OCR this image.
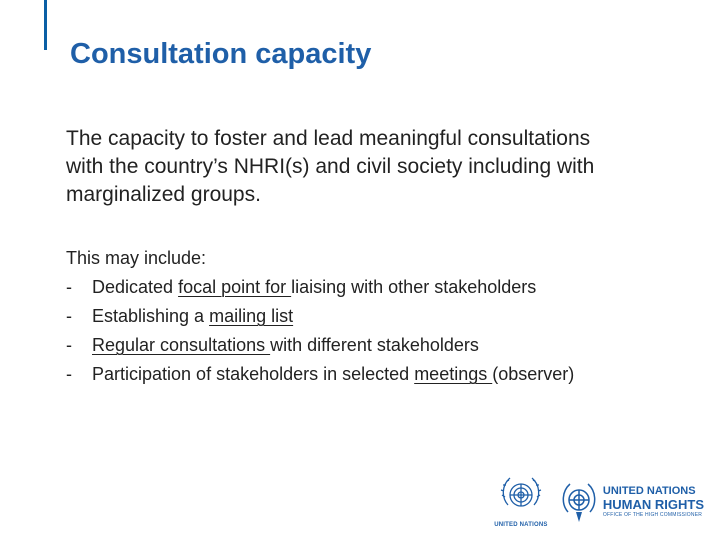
Consultation capacity
The capacity to foster and lead meaningful consultations with the country’s NHRI(s) and civil society including with marginalized groups.

This may include:

- Dedicated focal point for liaising with other stakeholders
- Establishing a mailing list
- Regular consultations with different stakeholders
- Participation of stakeholders in selected meetings (observer)
UNITED NATIONS
UNITED NATIONS
HUMAN RIGHTS
OFFICE OF THE HIGH COMMISSIONER
